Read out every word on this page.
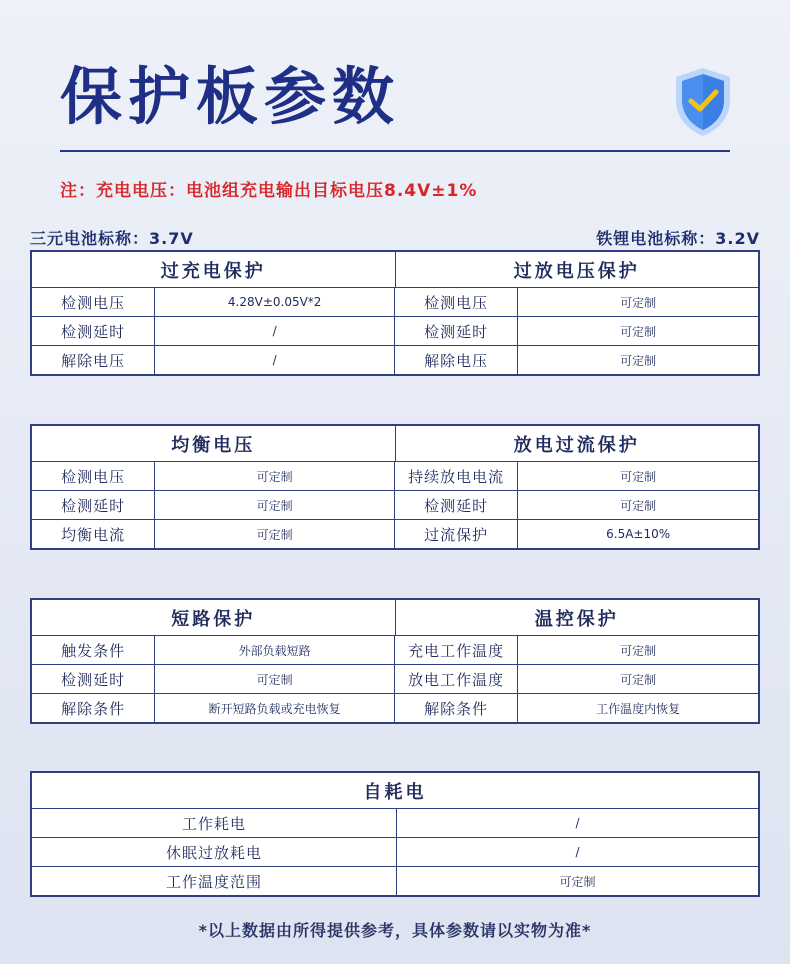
保护板参数
注：充电电压：电池组充电输出目标电压8.4V±1%
三元电池标称：3.7V	铁锂电池标称：3.2V
过充电保护	过放电压保护
检测电压	4.28V±0.05V*2	检测电压	可定制
检测延时	/	检测延时	可定制
解除电压	/	解除电压	可定制
均衡电压	放电过流保护
检测电压	可定制	持续放电电流	可定制
检测延时	可定制	检测延时	可定制
均衡电流	可定制	过流保护	6.5A±10%
短路保护	温控保护
触发条件	外部负载短路	充电工作温度	可定制
检测延时	可定制	放电工作温度	可定制
解除条件	断开短路负载或充电恢复	解除条件	工作温度内恢复
自耗电
工作耗电	/
休眠过放耗电	/
工作温度范围	可定制
*以上数据由所得提供参考，具体参数请以实物为准*
